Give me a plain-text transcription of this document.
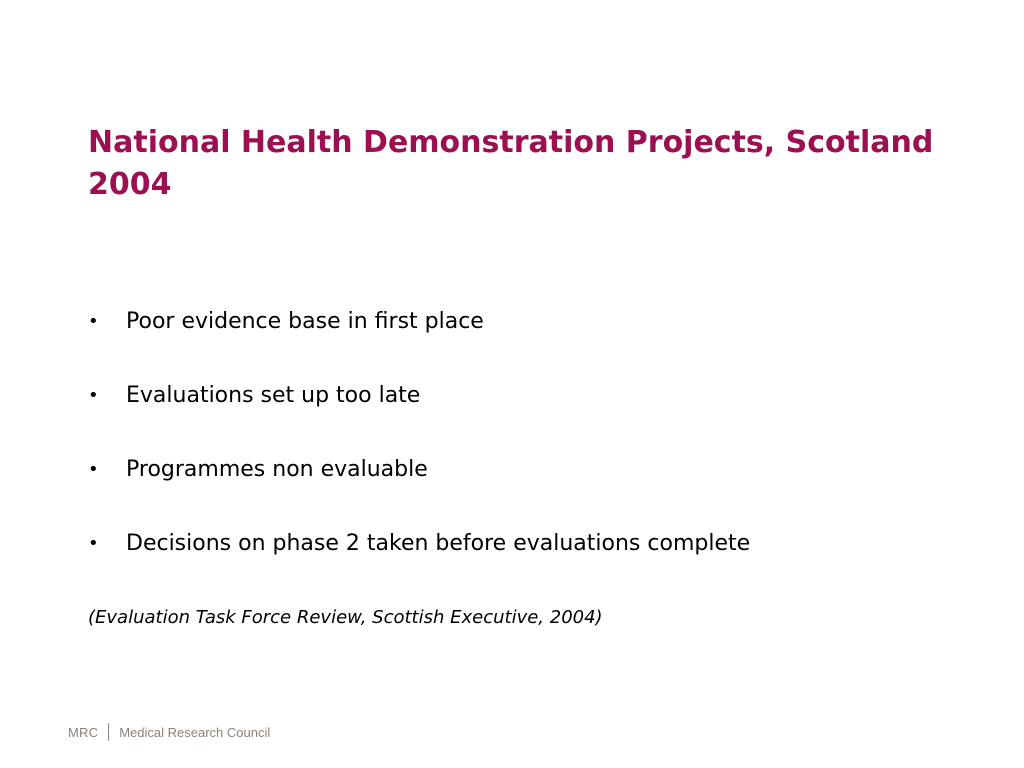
National Health Demonstration Projects, Scotland 2004
•	Poor evidence base in first place
•	Evaluations set up too late
•	Programmes non evaluable
•	Decisions on phase 2 taken before evaluations complete

(Evaluation Task Force Review, Scottish Executive, 2004)

MRC Medical Research Council
